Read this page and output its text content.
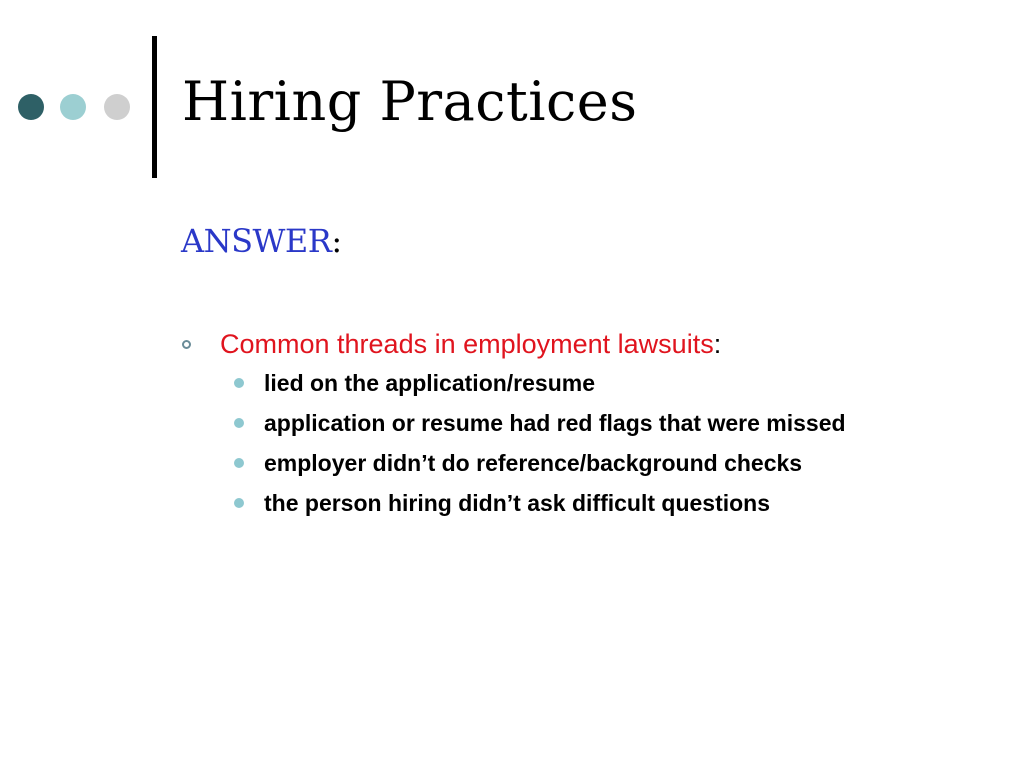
Hiring Practices
ANSWER:
Common threads in employment lawsuits:
lied on the application/resume
application or resume had red flags that were missed
employer didn’t do reference/background checks
the person hiring didn’t ask difficult questions
